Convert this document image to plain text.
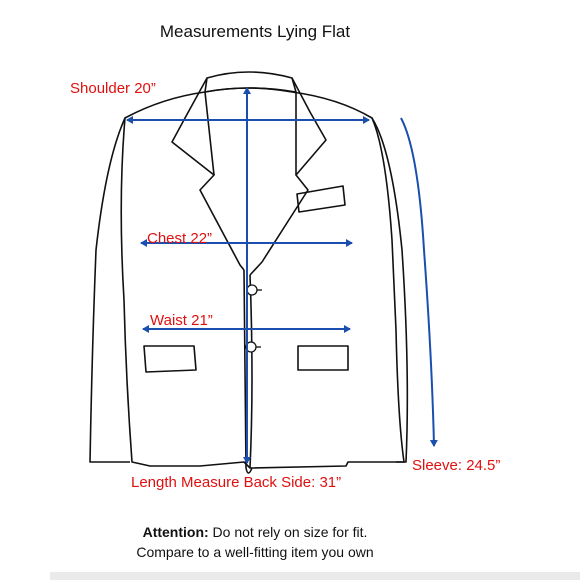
Measurements Lying Flat
Shoulder 20”
Chest 22”
Waist 21”
Length Measure Back Side: 31”
Sleeve: 24.5”
Attention: Do not rely on size for fit.
Compare to a well-fitting item you own
